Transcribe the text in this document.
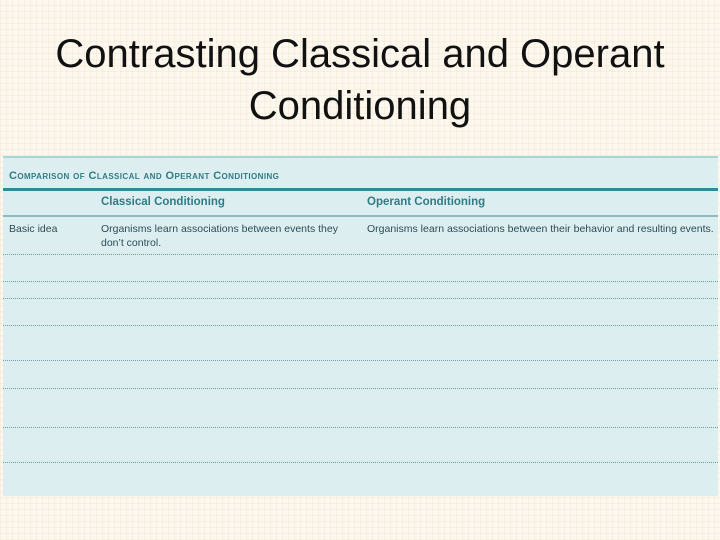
Contrasting Classical and Operant Conditioning
Comparison of Classical and Operant Conditioning
Classical Conditioning	Operant Conditioning
Basic idea	Organisms learn associations between events they don’t control.
Organisms learn associations between their behavior and resulting events.
